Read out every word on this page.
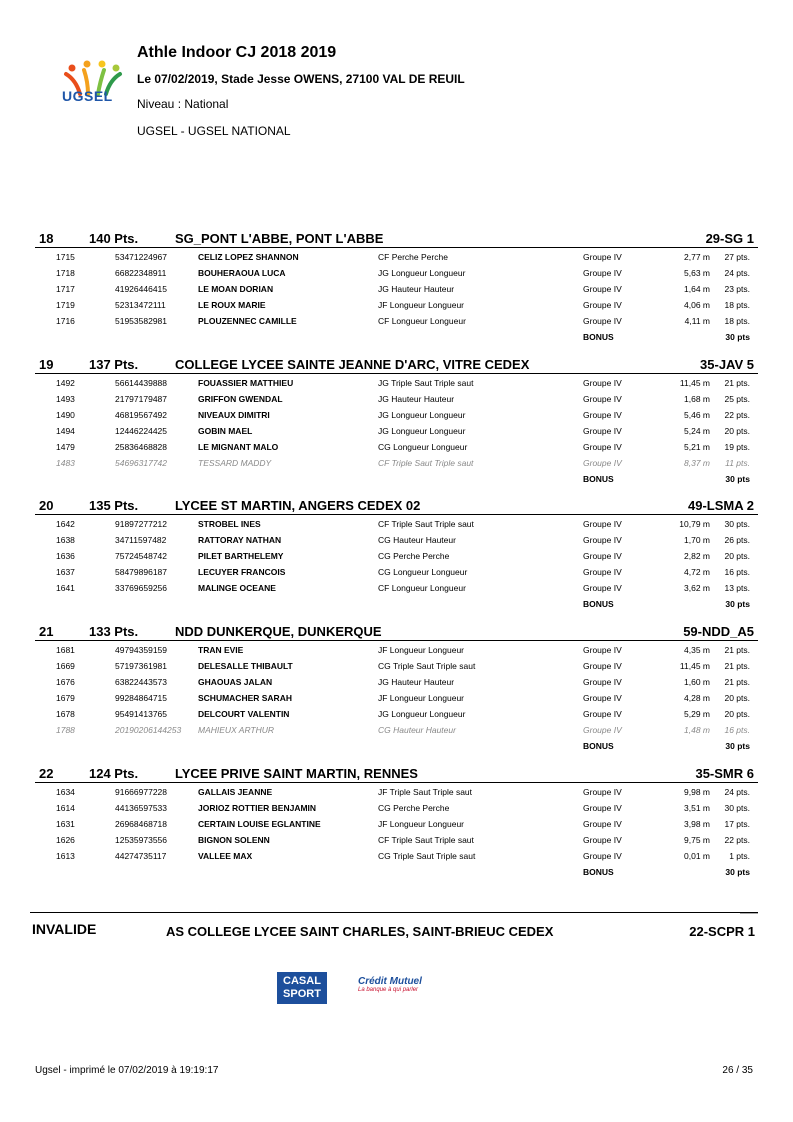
UGSEL
Athle Indoor CJ 2018 2019
Le 07/02/2019, Stade Jesse OWENS, 27100 VAL DE REUIL
Niveau : National
UGSEL - UGSEL NATIONAL
18	140 Pts.	SG_PONT L'ABBE, PONT L'ABBE	29-SG 1
1715	53471224967	CELIZ LOPEZ SHANNON	CF Perche Perche	Groupe IV	2,77 m 27 pts.
1718	66822348911	BOUHERAOUA LUCA	JG Longueur Longueur	Groupe IV	5,63 m 24 pts.
1717	41926446415	LE MOAN DORIAN	JG Hauteur Hauteur	Groupe IV	1,64 m 23 pts.
1719	52313472111	LE ROUX MARIE	JF Longueur Longueur	Groupe IV	4,06 m 18 pts.
1716	51953582981	PLOUZENNEC CAMILLE	CF Longueur Longueur	Groupe IV	4,11 m 18 pts.
BONUS	30 pts
19	137 Pts.	COLLEGE LYCEE SAINTE JEANNE D'ARC, VITRE CEDEX	35-JAV 5
1492	56614439888	FOUASSIER MATTHIEU	JG Triple Saut Triple saut	Groupe IV	11,45 m 21 pts.
1493	21797179487	GRIFFON GWENDAL	JG Hauteur Hauteur	Groupe IV	1,68 m 25 pts.
1490	46819567492	NIVEAUX DIMITRI	JG Longueur Longueur	Groupe IV	5,46 m 22 pts.
1494	12446224425	GOBIN MAEL	JG Longueur Longueur	Groupe IV	5,24 m 20 pts.
1479	25836468828	LE MIGNANT MALO	CG Longueur Longueur	Groupe IV	5,21 m 19 pts.
1483	54696317742	TESSARD MADDY	CF Triple Saut Triple saut	Groupe IV	8,37 m 11 pts.
BONUS	30 pts
20	135 Pts.	LYCEE ST MARTIN, ANGERS CEDEX 02	49-LSMA 2
1642	91897277212	STROBEL INES	CF Triple Saut Triple saut	Groupe IV	10,79 m 30 pts.
1638	34711597482	RATTORAY NATHAN	CG Hauteur Hauteur	Groupe IV	1,70 m 26 pts.
1636	75724548742	PILET BARTHELEMY	CG Perche Perche	Groupe IV	2,82 m 20 pts.
1637	58479896187	LECUYER FRANCOIS	CG Longueur Longueur	Groupe IV	4,72 m 16 pts.
1641	33769659256	MALINGE OCEANE	CF Longueur Longueur	Groupe IV	3,62 m 13 pts.
BONUS	30 pts
21	133 Pts.	NDD DUNKERQUE, DUNKERQUE	59-NDD_A5
1681	49794359159	TRAN EVIE	JF Longueur Longueur	Groupe IV	4,35 m 21 pts.
1669	57197361981	DELESALLE THIBAULT	CG Triple Saut Triple saut	Groupe IV	11,45 m 21 pts.
1676	63822443573	GHAOUAS JALAN	JG Hauteur Hauteur	Groupe IV	1,60 m 21 pts.
1679	99284864715	SCHUMACHER SARAH	JF Longueur Longueur	Groupe IV	4,28 m 20 pts.
1678	95491413765	DELCOURT VALENTIN	JG Longueur Longueur	Groupe IV	5,29 m 20 pts.
1788	20190206144253 MAHIEUX ARTHUR	CG Hauteur Hauteur	Groupe IV	1,48 m 16 pts.
BONUS	30 pts
22	124 Pts.	LYCEE PRIVE SAINT MARTIN, RENNES	35-SMR 6
1634	91666977228	GALLAIS JEANNE	JF Triple Saut Triple saut	Groupe IV	9,98 m 24 pts.
1614	44136597533	JORIOZ ROTTIER BENJAMIN	CG Perche Perche	Groupe IV	3,51 m 30 pts.
1631	26968468718	CERTAIN LOUISE EGLANTINE	JF Longueur Longueur	Groupe IV	3,98 m 17 pts.
1626	12535973556	BIGNON SOLENN	CF Triple Saut Triple saut	Groupe IV	9,75 m 22 pts.
1613	44274735117	VALLEE MAX	CG Triple Saut Triple saut	Groupe IV	0,01 m 1 pts.
BONUS	30 pts
INVALIDE	AS COLLEGE LYCEE SAINT CHARLES, SAINT-BRIEUC CEDEX	22-SCPR 1
CASAL
SPORT
Crédit Mutuel
La banque à qui parler
Ugsel - imprimé le 07/02/2019 à 19:19:17	26 / 35
